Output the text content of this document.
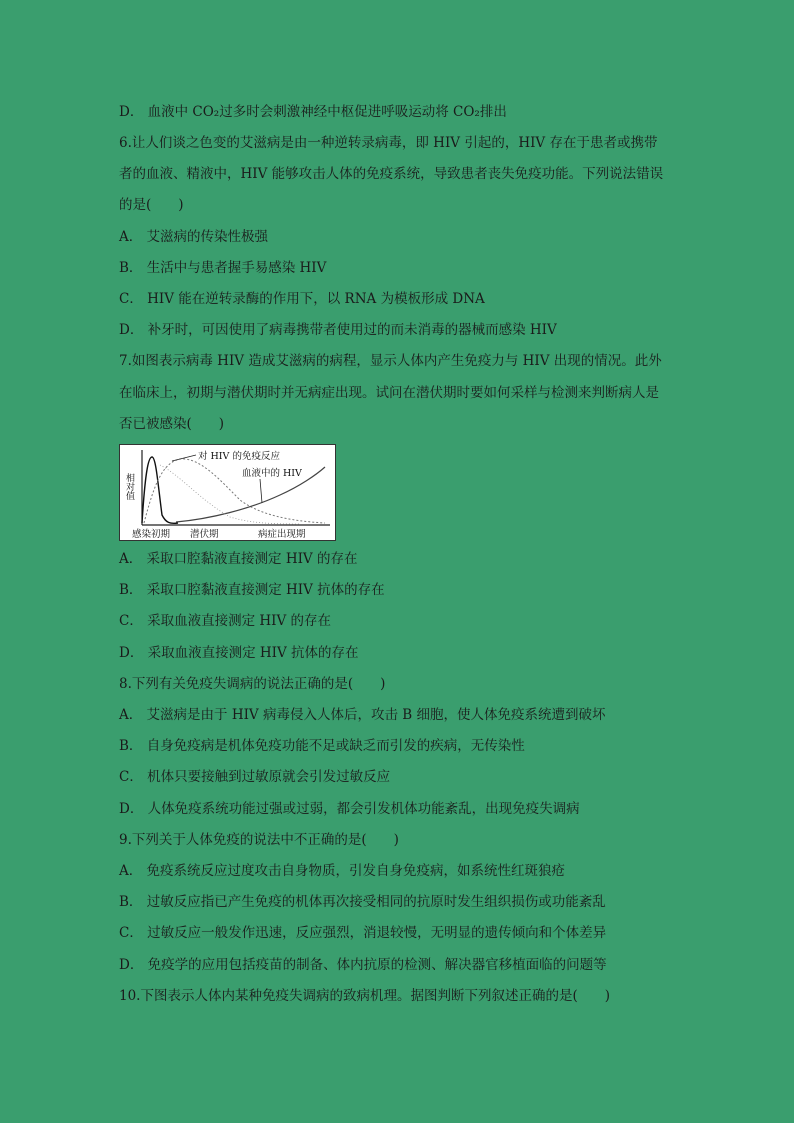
D． 血液中 CO₂过多时会刺激神经中枢促进呼吸运动将 CO₂排出
6.让人们谈之色变的艾滋病是由一种逆转录病毒，即 HIV 引起的，HIV 存在于患者或携带
者的血液、精液中，HIV 能够攻击人体的免疫系统，导致患者丧失免疫功能。下列说法错误
的是(　　)
A． 艾滋病的传染性极强
B． 生活中与患者握手易感染 HIV
C． HIV 能在逆转录酶的作用下，以 RNA 为模板形成 DNA
D． 补牙时，可因使用了病毒携带者使用过的而未消毒的器械而感染 HIV
7.如图表示病毒 HIV 造成艾滋病的病程，显示人体内产生免疫力与 HIV 出现的情况。此外
在临床上，初期与潜伏期时并无病症出现。试问在潜伏期时要如何采样与检测来判断病人是
否已被感染(　　)
相对值
对 HIV 的免疫反应
血液中的 HIV
感染初期 潜伏期	病症出现期
A． 采取口腔黏液直接测定 HIV 的存在
B． 采取口腔黏液直接测定 HIV 抗体的存在
C． 采取血液直接测定 HIV 的存在
D． 采取血液直接测定 HIV 抗体的存在
8.下列有关免疫失调病的说法正确的是(　　)
A． 艾滋病是由于 HIV 病毒侵入人体后，攻击 B 细胞，使人体免疫系统遭到破坏
B． 自身免疫病是机体免疫功能不足或缺乏而引发的疾病，无传染性
C． 机体只要接触到过敏原就会引发过敏反应
D． 人体免疫系统功能过强或过弱，都会引发机体功能紊乱，出现免疫失调病
9.下列关于人体免疫的说法中不正确的是(　　)
A． 免疫系统反应过度攻击自身物质，引发自身免疫病，如系统性红斑狼疮
B． 过敏反应指已产生免疫的机体再次接受相同的抗原时发生组织损伤或功能紊乱
C． 过敏反应一般发作迅速，反应强烈，消退较慢，无明显的遗传倾向和个体差异
D． 免疫学的应用包括疫苗的制备、体内抗原的检测、解决器官移植面临的问题等
10.下图表示人体内某种免疫失调病的致病机理。据图判断下列叙述正确的是(　　)
